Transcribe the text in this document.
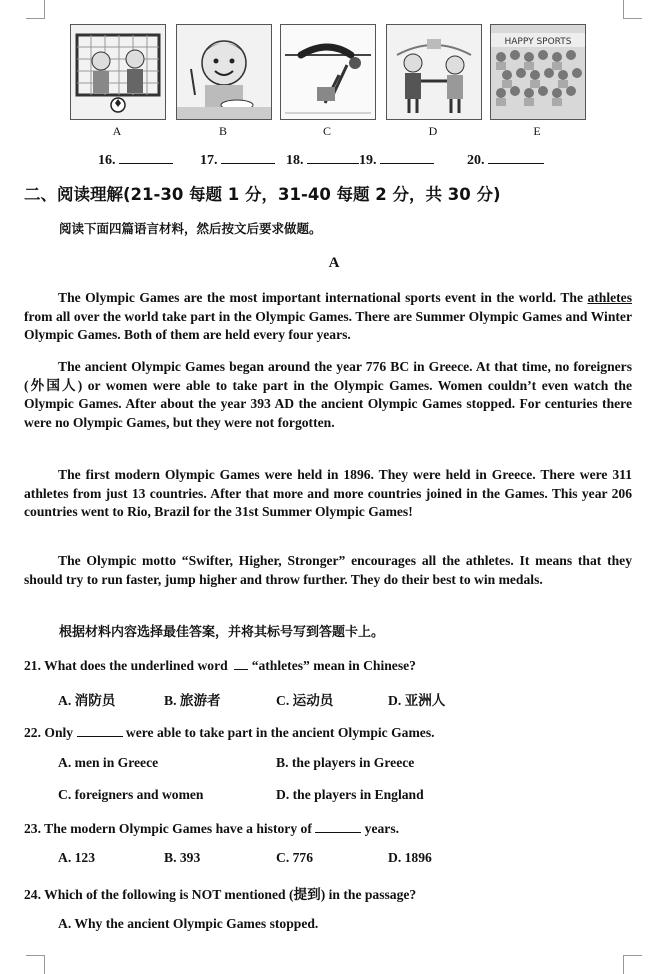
A	B	C	D
HAPPY SPORTS
E
16.	17.	18.	19.	20.
二、阅读理解(21-30 每题 1 分，31-40 每题 2 分，共 30 分)
阅读下面四篇语言材料，然后按文后要求做题。
A
The Olympic Games are the most important international sports event in the world. The athletes from all over the world take part in the Olympic Games. There are Summer Olympic Games and Winter Olympic Games. Both of them are held every four years.
The ancient Olympic Games began around the year 776 BC in Greece. At that time, no foreigners (外国人) or women were able to take part in the Olympic Games. Women couldn’t even watch the Olympic Games. After about the year 393 AD the ancient Olympic Games stopped. For centuries there were no Olympic Games, but they were not forgotten.
The first modern Olympic Games were held in 1896. They were held in Greece. There were 311 athletes from just 13 countries. After that more and more countries joined in the Games. This year 206 countries went to Rio, Brazil for the 31st Summer Olympic Games!
The Olympic motto “Swifter, Higher, Stronger” encourages all the athletes. It means that they should try to run faster, jump higher and throw further. They do their best to win medals.
根据材料内容选择最佳答案，并将其标号写到答题卡上。
21. What does the underlined word “athletes” mean in Chinese?
A. 消防员	B. 旅游者	C. 运动员	D. 亚洲人
22. Only	were able to take part in the ancient Olympic Games.
A. men in Greece	B. the players in Greece
C. foreigners and women	D. the players in England
23. The modern Olympic Games have a history of	years.
A. 123	B. 393	C. 776	D. 1896
24. Which of the following is NOT mentioned (提到) in the passage?
A. Why the ancient Olympic Games stopped.
